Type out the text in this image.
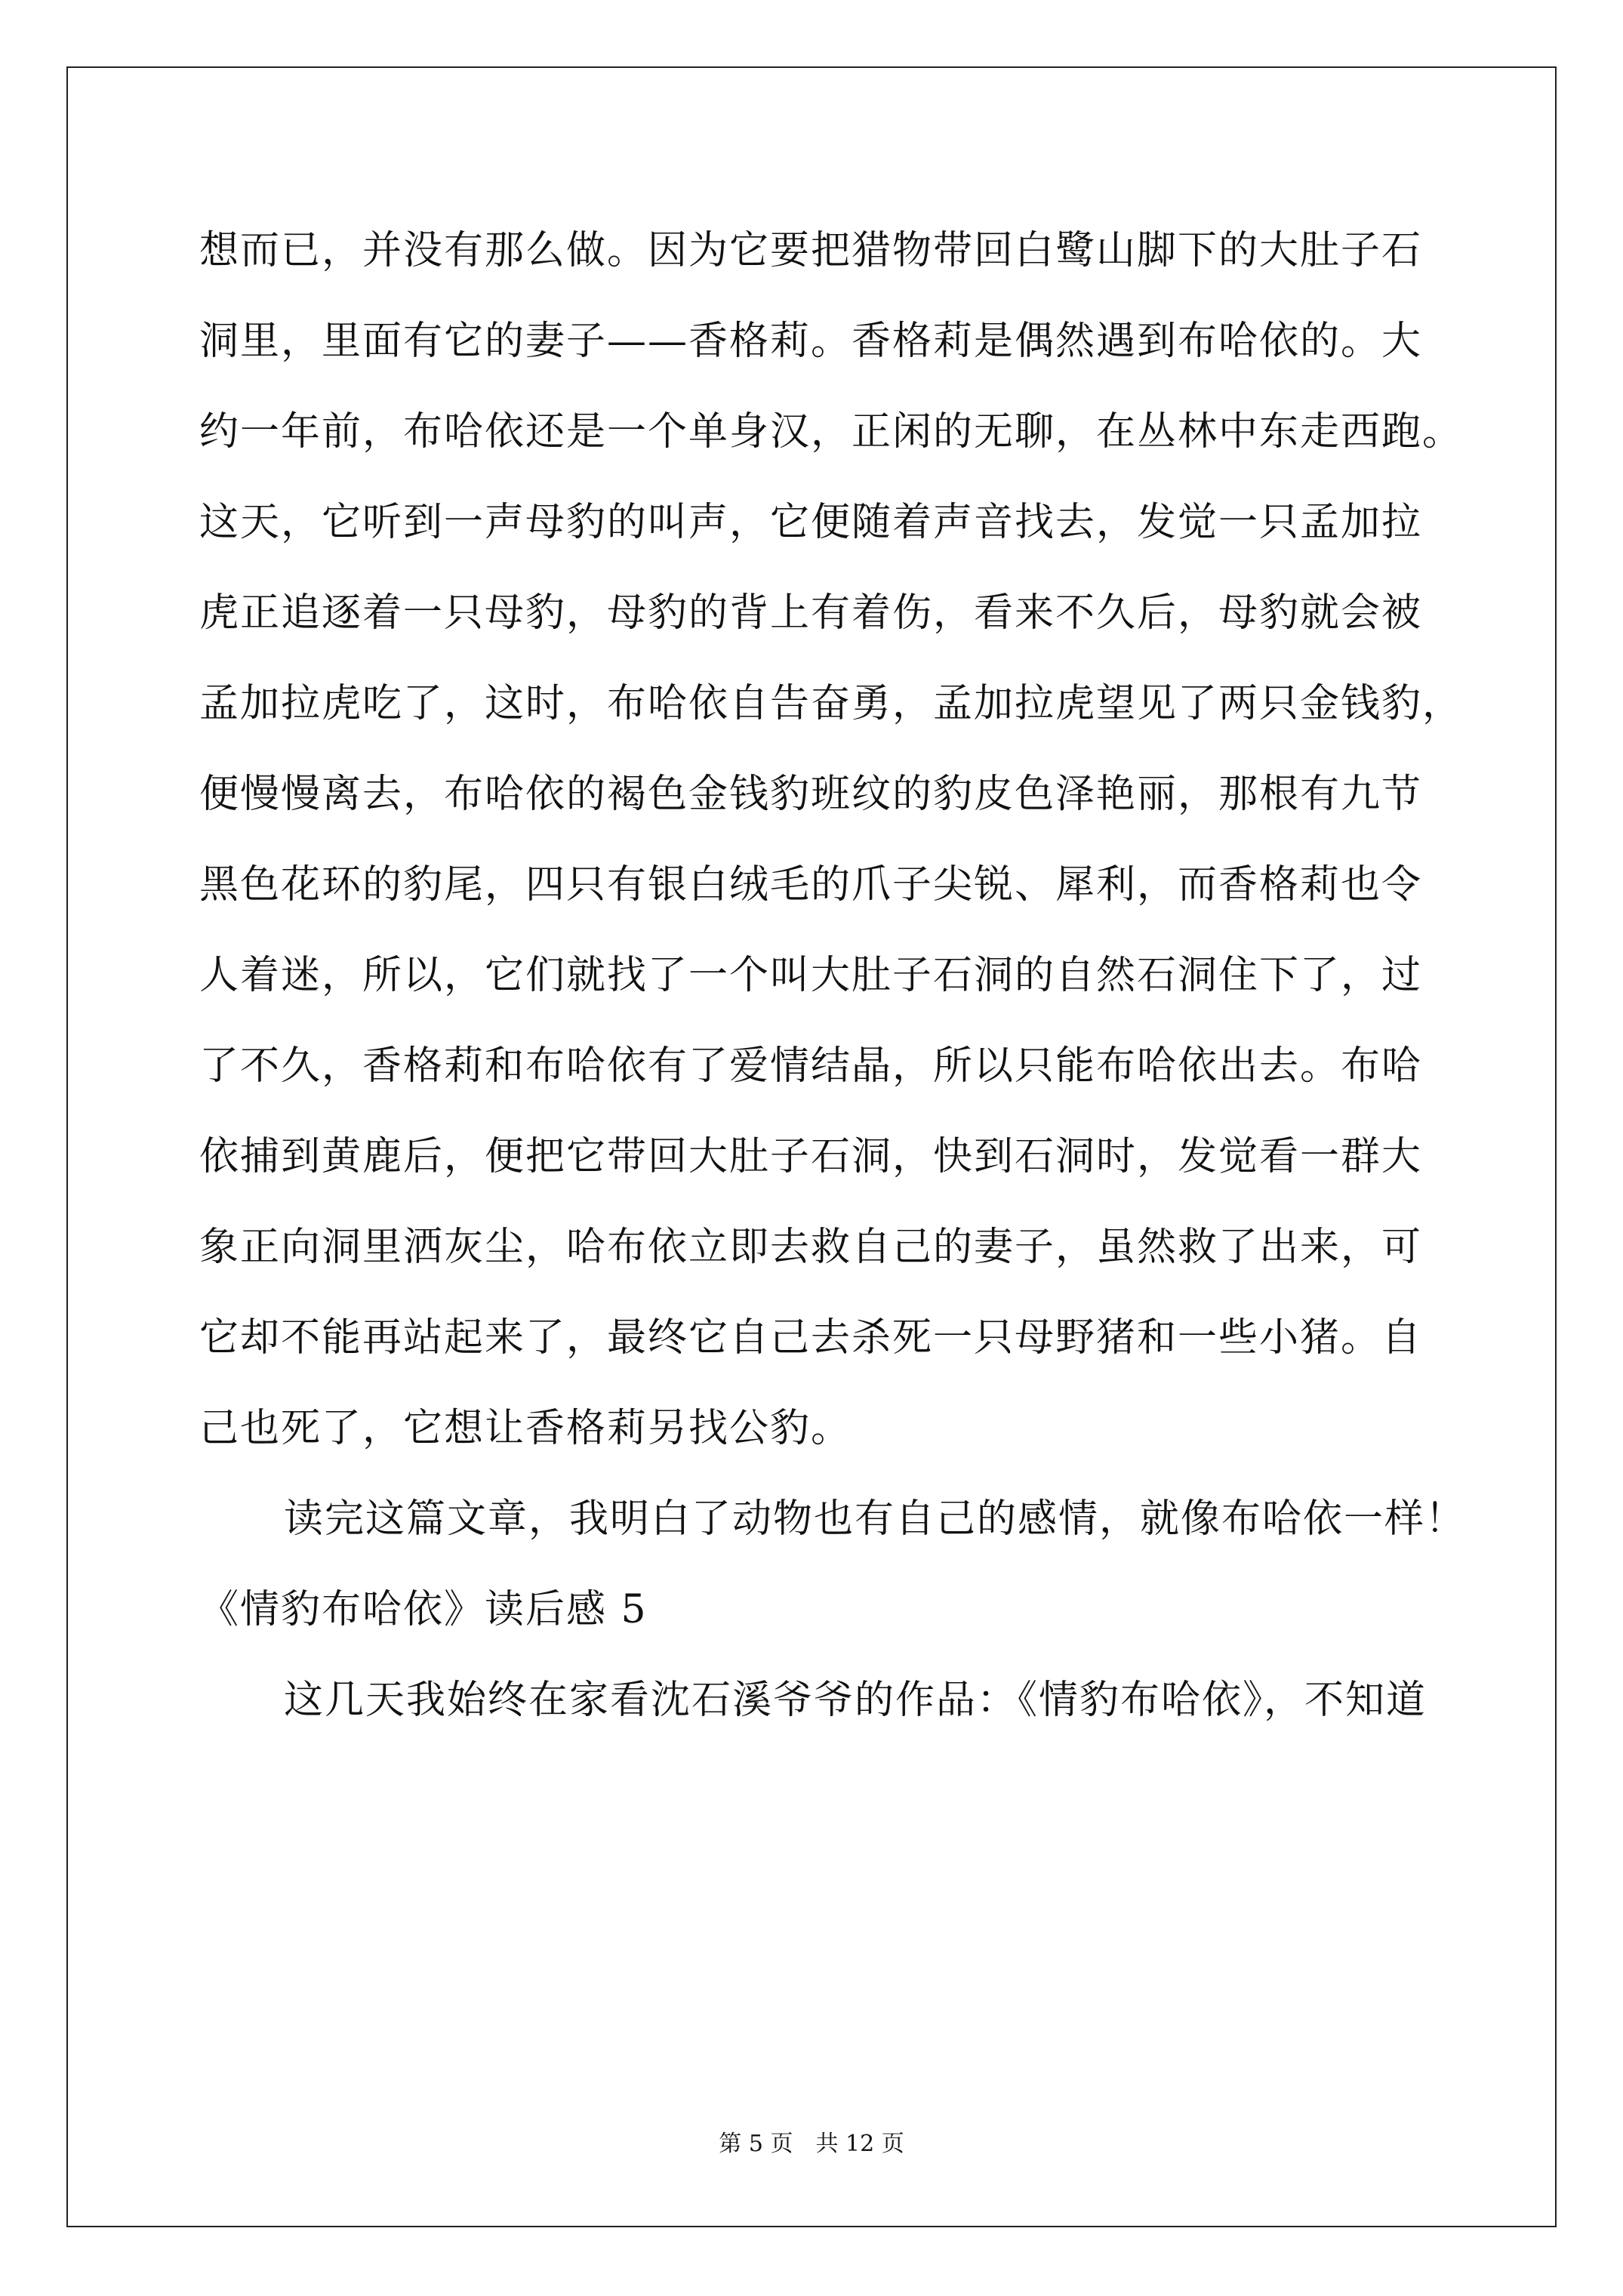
想而已，并没有那么做。因为它要把猎物带回白鹭山脚下的大肚子石
洞里，里面有它的妻子——香格莉。香格莉是偶然遇到布哈依的。大
约一年前，布哈依还是一个单身汉，正闲的无聊，在丛林中东走西跑。
这天，它听到一声母豹的叫声，它便随着声音找去，发觉一只孟加拉
虎正追逐着一只母豹，母豹的背上有着伤，看来不久后，母豹就会被
孟加拉虎吃了，这时，布哈依自告奋勇，孟加拉虎望见了两只金钱豹，
便慢慢离去，布哈依的褐色金钱豹班纹的豹皮色泽艳丽，那根有九节
黑色花环的豹尾，四只有银白绒毛的爪子尖锐、犀利，而香格莉也令
人着迷，所以，它们就找了一个叫大肚子石洞的自然石洞住下了，过
了不久，香格莉和布哈依有了爱情结晶，所以只能布哈依出去。布哈
依捕到黄鹿后，便把它带回大肚子石洞，快到石洞时，发觉看一群大
象正向洞里洒灰尘，哈布依立即去救自己的妻子，虽然救了出来，可
它却不能再站起来了，最终它自己去杀死一只母野猪和一些小猪。自
己也死了，它想让香格莉另找公豹。
读完这篇文章，我明白了动物也有自己的感情，就像布哈依一样！
《情豹布哈依》读后感 5
这几天我始终在家看沈石溪爷爷的作品：《情豹布哈依》，不知道
第 5 页　共 12 页
